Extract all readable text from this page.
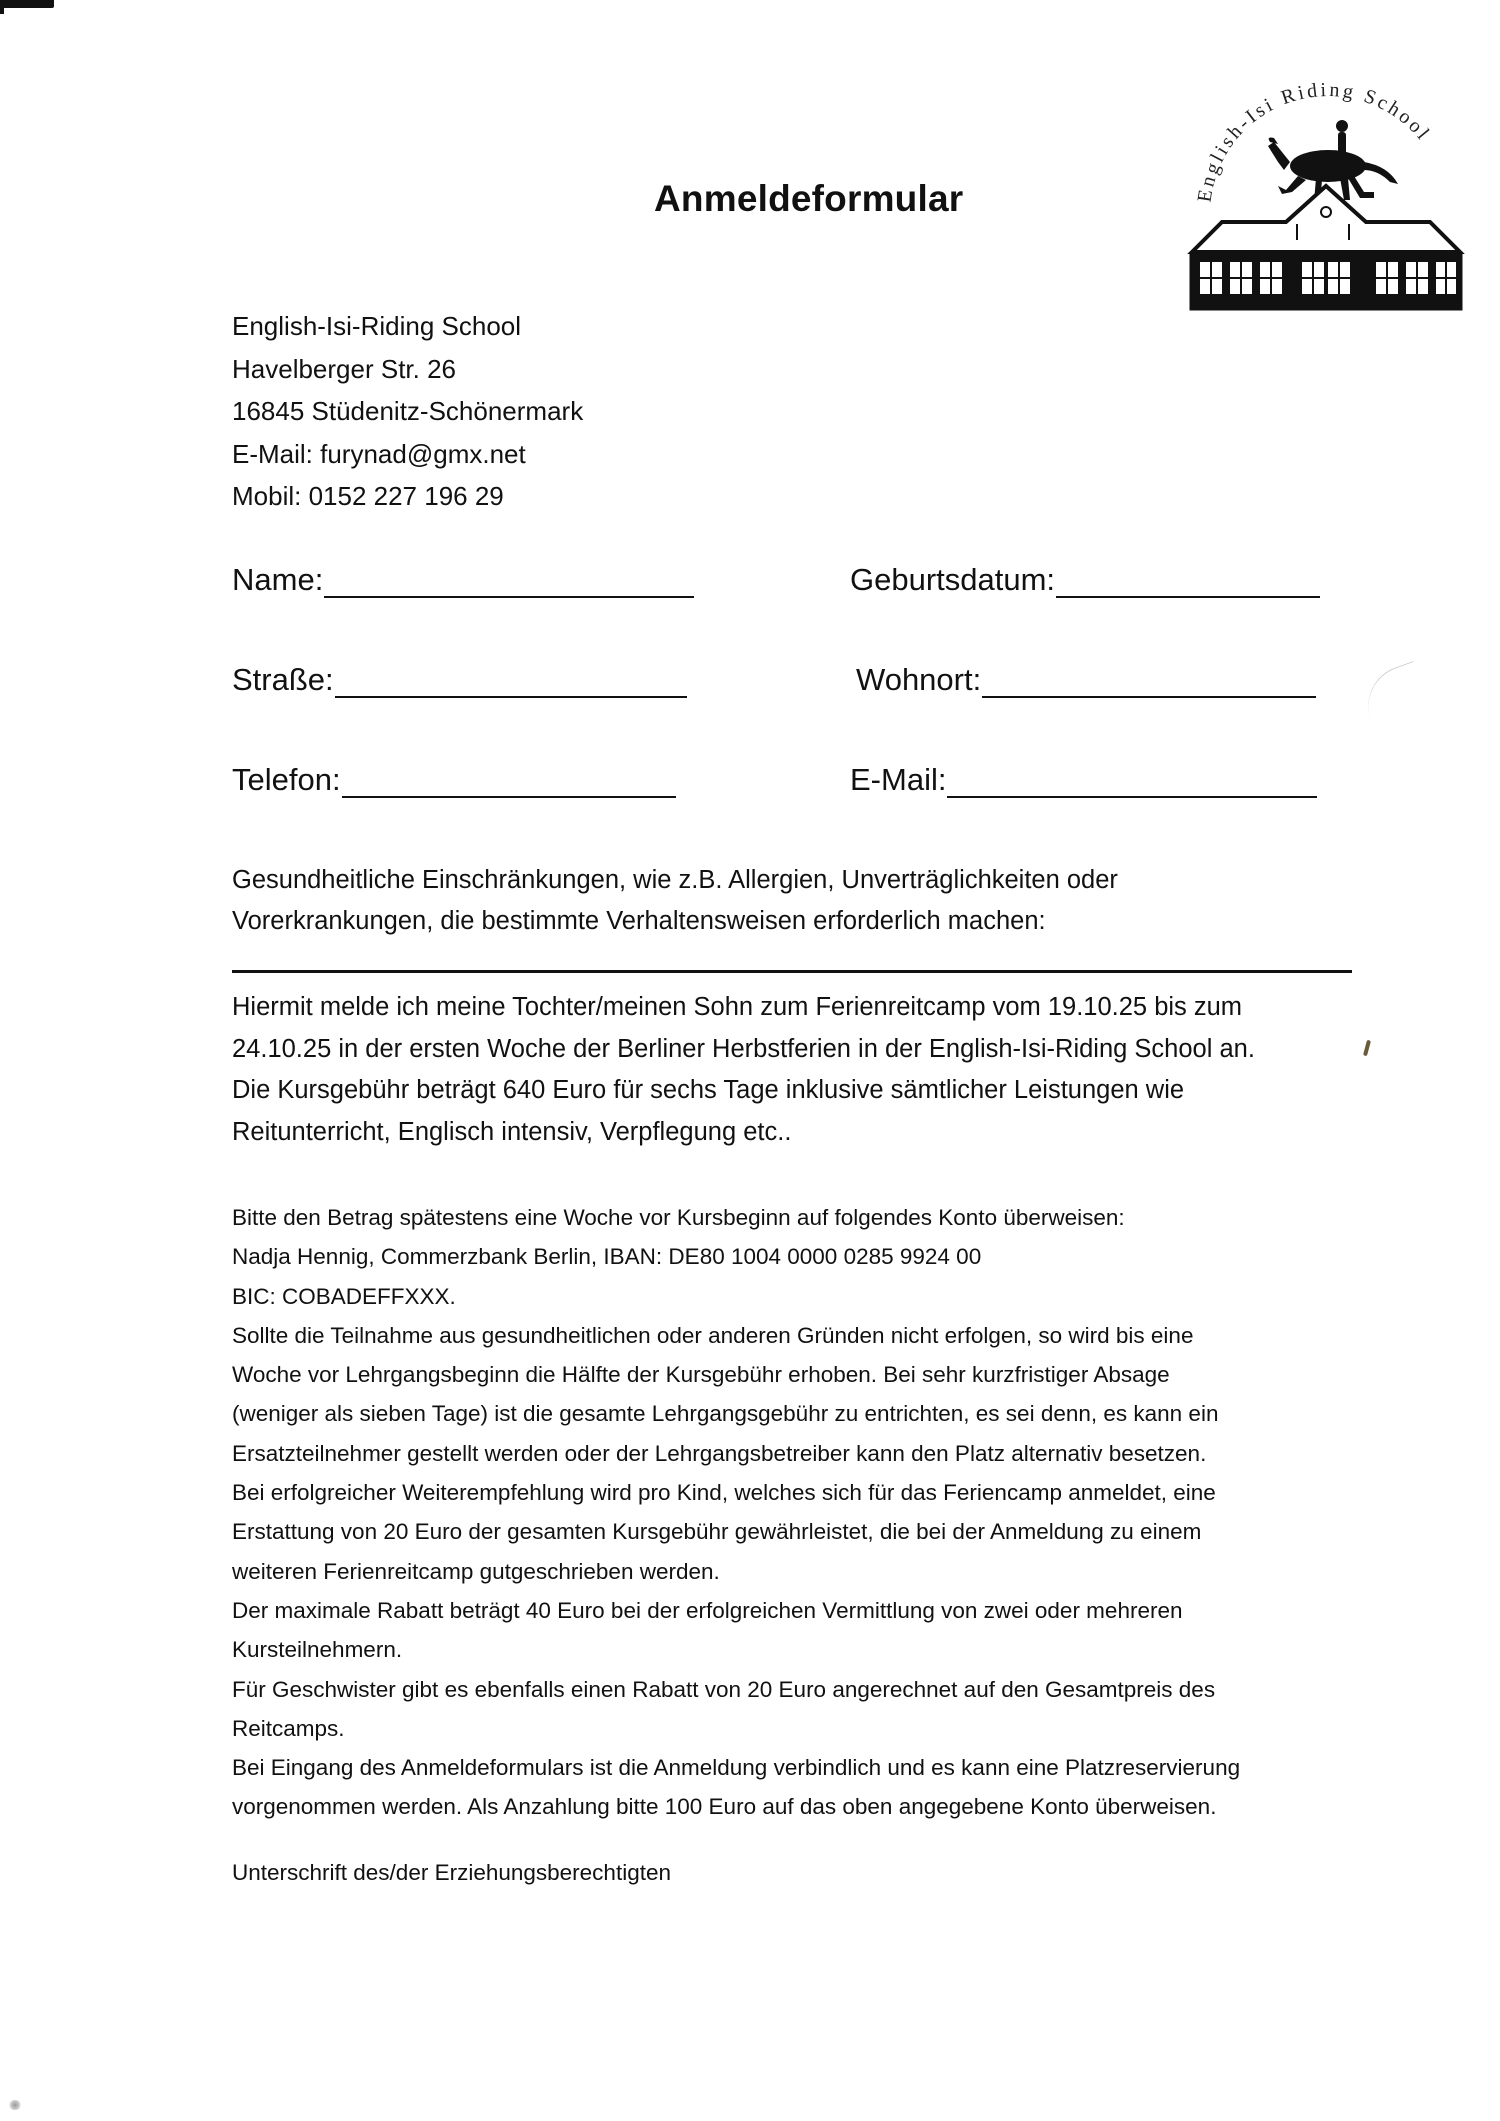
Anmeldeformular	English-Isi Riding School
English-Isi-Riding School
Havelberger Str. 26
16845 Stüdenitz-Schönermark
E-Mail: furynad@gmx.net
Mobil: 0152 227 196 29
Name:	Geburtsdatum:
Straße:	Wohnort:
Telefon:	E-Mail:
Gesundheitliche Einschränkungen, wie z.B. Allergien, Unverträglichkeiten oder
Vorerkrankungen, die bestimmte Verhaltensweisen erforderlich machen:
Hiermit melde ich meine Tochter/meinen Sohn zum Ferienreitcamp vom 19.10.25 bis zum
24.10.25 in der ersten Woche der Berliner Herbstferien in der English-Isi-Riding School an.
Die Kursgebühr beträgt 640 Euro für sechs Tage inklusive sämtlicher Leistungen wie
Reitunterricht, Englisch intensiv, Verpflegung etc..
Bitte den Betrag spätestens eine Woche vor Kursbeginn auf folgendes Konto überweisen:
Nadja Hennig, Commerzbank Berlin, IBAN: DE80 1004 0000 0285 9924 00
BIC: COBADEFFXXX.
Sollte die Teilnahme aus gesundheitlichen oder anderen Gründen nicht erfolgen, so wird bis eine
Woche vor Lehrgangsbeginn die Hälfte der Kursgebühr erhoben. Bei sehr kurzfristiger Absage
(weniger als sieben Tage) ist die gesamte Lehrgangsgebühr zu entrichten, es sei denn, es kann ein
Ersatzteilnehmer gestellt werden oder der Lehrgangsbetreiber kann den Platz alternativ besetzen.
Bei erfolgreicher Weiterempfehlung wird pro Kind, welches sich für das Feriencamp anmeldet, eine
Erstattung von 20 Euro der gesamten Kursgebühr gewährleistet, die bei der Anmeldung zu einem
weiteren Ferienreitcamp gutgeschrieben werden.
Der maximale Rabatt beträgt 40 Euro bei der erfolgreichen Vermittlung von zwei oder mehreren
Kursteilnehmern.
Für Geschwister gibt es ebenfalls einen Rabatt von 20 Euro angerechnet auf den Gesamtpreis des
Reitcamps.
Bei Eingang des Anmeldeformulars ist die Anmeldung verbindlich und es kann eine Platzreservierung
vorgenommen werden. Als Anzahlung bitte 100 Euro auf das oben angegebene Konto überweisen.
Unterschrift des/der Erziehungsberechtigten
